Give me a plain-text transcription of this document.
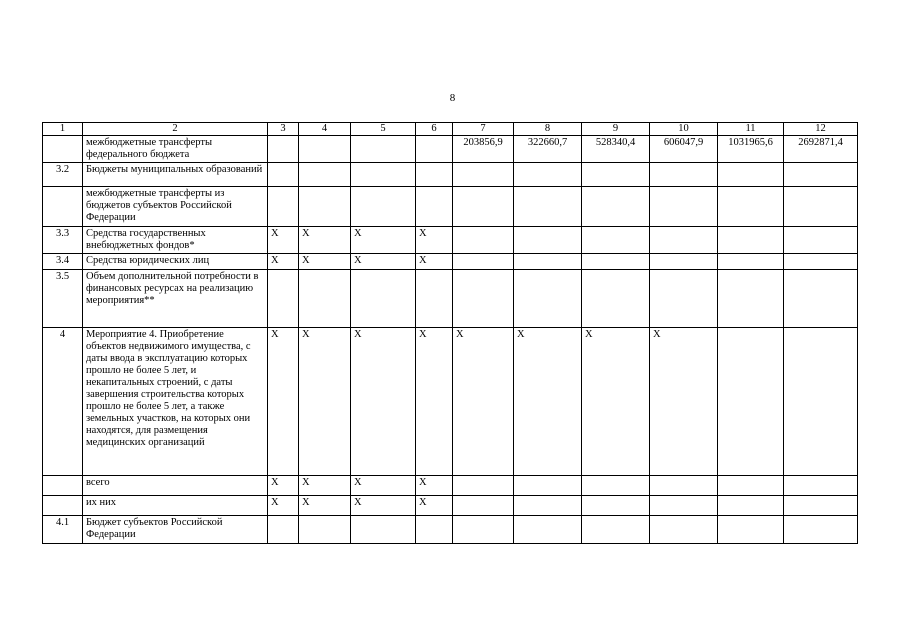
8
1	2	3	4	5	6	7	8	9	10	11	12
	межбюджетные трансферты федерального бюджета					203856,9	322660,7	528340,4	606047,9	1031965,6	2692871,4
3.2	Бюджеты муниципальных образований										
	межбюджетные трансферты из бюджетов субъектов Российской Федерации										
3.3	Средства государственных внебюджетных фондов*	X	X	X	X						
3.4	Средства юридических лиц	X	X	X	X						
3.5	Объем дополнительной потребности в финансовых ресурсах на реализацию мероприятия**										
4	Мероприятие 4. Приобретение объектов недвижимого имущества, с даты ввода в эксплуатацию которых прошло не более 5 лет, и некапитальных строений, с даты завершения строительства которых прошло не более 5 лет, а также земельных участков, на которых они находятся, для размещения медицинских организаций	X	X	X	X	X	X	X	X		
	всего	X	X	X	X						
	их них	X	X	X	X						
4.1	Бюджет субъектов Российской Федерации										
